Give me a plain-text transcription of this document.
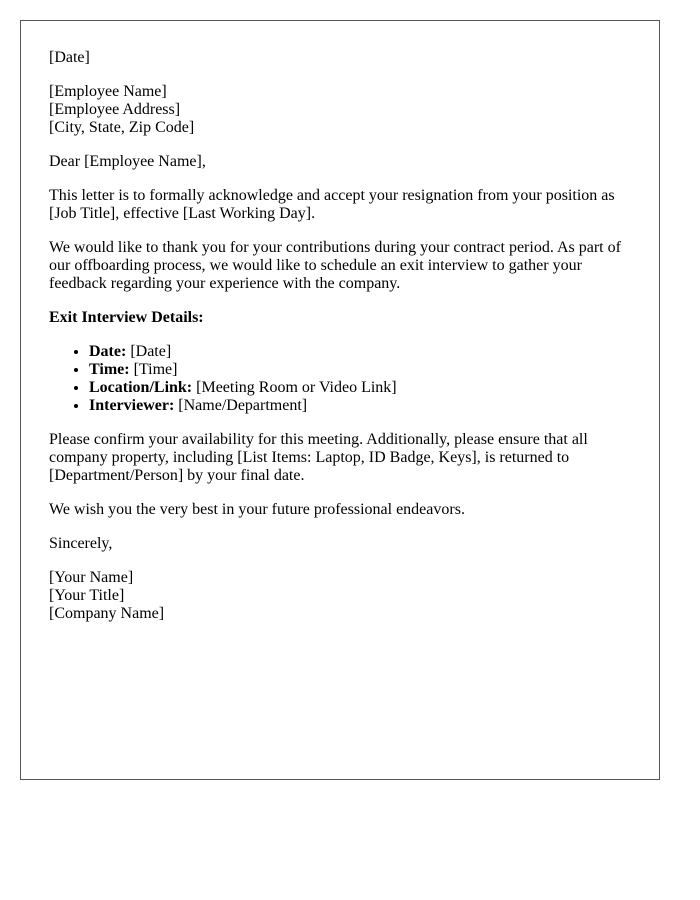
[Date]

[Employee Name]
[Employee Address]
[City, State, Zip Code]

Dear [Employee Name],

This letter is to formally acknowledge and accept your resignation from your position as [Job Title], effective [Last Working Day].

We would like to thank you for your contributions during your contract period. As part of our offboarding process, we would like to schedule an exit interview to gather your feedback regarding your experience with the company.

Exit Interview Details:

• Date: [Date]
• Time: [Time]
• Location/Link: [Meeting Room or Video Link]
• Interviewer: [Name/Department]

Please confirm your availability for this meeting. Additionally, please ensure that all company property, including [List Items: Laptop, ID Badge, Keys], is returned to [Department/Person] by your final date.

We wish you the very best in your future professional endeavors.

Sincerely,

[Your Name]
[Your Title]
[Company Name]
